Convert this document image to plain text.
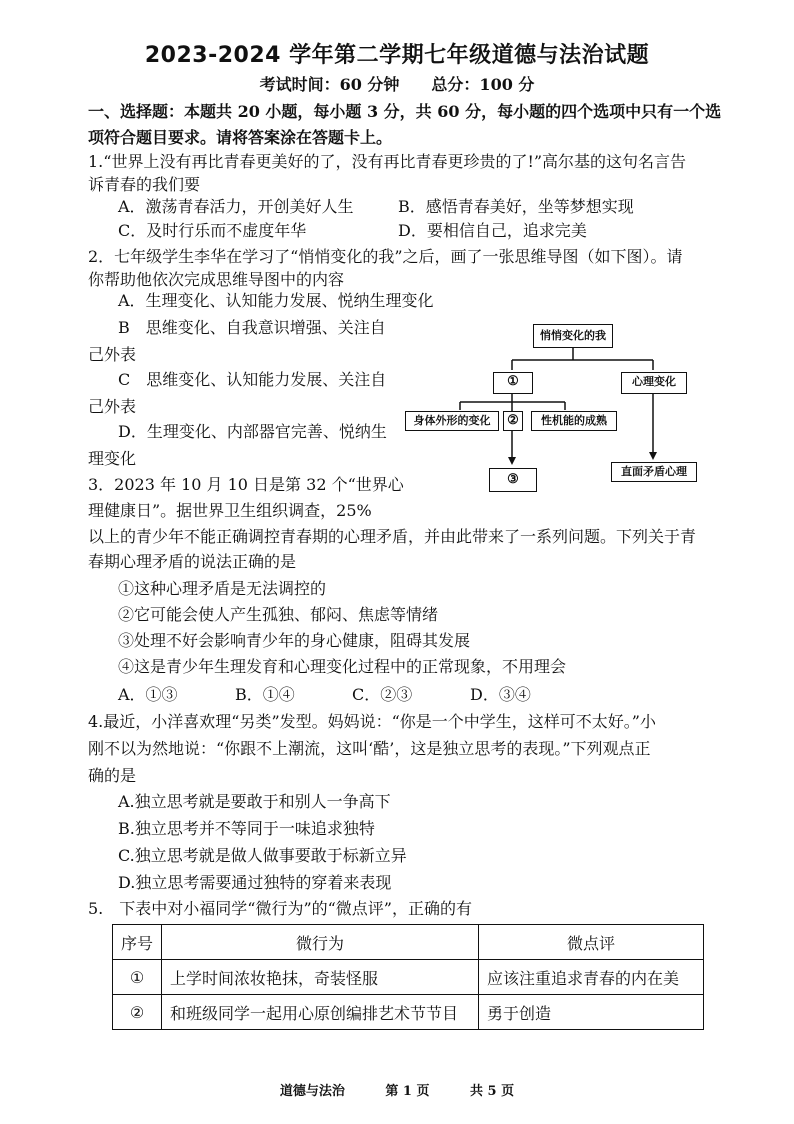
2023-2024 学年第二学期七年级道德与法治试题
考试时间：60 分钟　　总分：100 分
一、选择题：本题共 20 小题，每小题 3 分，共 60 分，每小题的四个选项中只有一个选
项符合题目要求。请将答案涂在答题卡上。
1.“世界上没有再比青春更美好的了，没有再比青春更珍贵的了!”高尔基的这句名言告
诉青春的我们要
A．激荡青春活力，开创美好人生	B．感悟青春美好，坐等梦想实现
C．及时行乐而不虚度年华	D．要相信自己，追求完美
2．七年级学生李华在学习了“悄悄变化的我”之后，画了一张思维导图（如下图）。请
你帮助他依次完成思维导图中的内容
A．生理变化、认知能力发展、悦纳生理变化
B　思维变化、自我意识增强、关注自
己外表
C　思维变化、认知能力发展、关注自
己外表
D．生理变化、内部器官完善、悦纳生
理变化
悄悄变化的我
①	心理变化
身体外形的变化	②	性机能的成熟
③
直面矛盾心理
3．2023 年 10 月 10 日是第 32 个“世界心
理健康日”。据世界卫生组织调查，25%
以上的青少年不能正确调控青春期的心理矛盾，并由此带来了一系列问题。下列关于青
春期心理矛盾的说法正确的是
①这种心理矛盾是无法调控的
②它可能会使人产生孤独、郁闷、焦虑等情绪
③处理不好会影响青少年的身心健康，阻碍其发展
④这是青少年生理发育和心理变化过程中的正常现象，不用理会
A．①③	B．①④	C．②③	D．③④
4.最近，小洋喜欢理“另类”发型。妈妈说：“你是一个中学生，这样可不太好。”小
刚不以为然地说：“你跟不上潮流，这叫‘酷’，这是独立思考的表现。”下列观点正
确的是
A.独立思考就是要敢于和别人一争高下
B.独立思考并不等同于一味追求独特
C.独立思考就是做人做事要敢于标新立异
D.独立思考需要通过独特的穿着来表现
5.　下表中对小福同学“微行为”的“微点评”，正确的有
序号	微行为	微点评
①	上学时间浓妆艳抹，奇装怪服	应该注重追求青春的内在美
②	和班级同学一起用心原创编排艺术节节目	勇于创造
道德与法治	第 1 页	共 5 页
